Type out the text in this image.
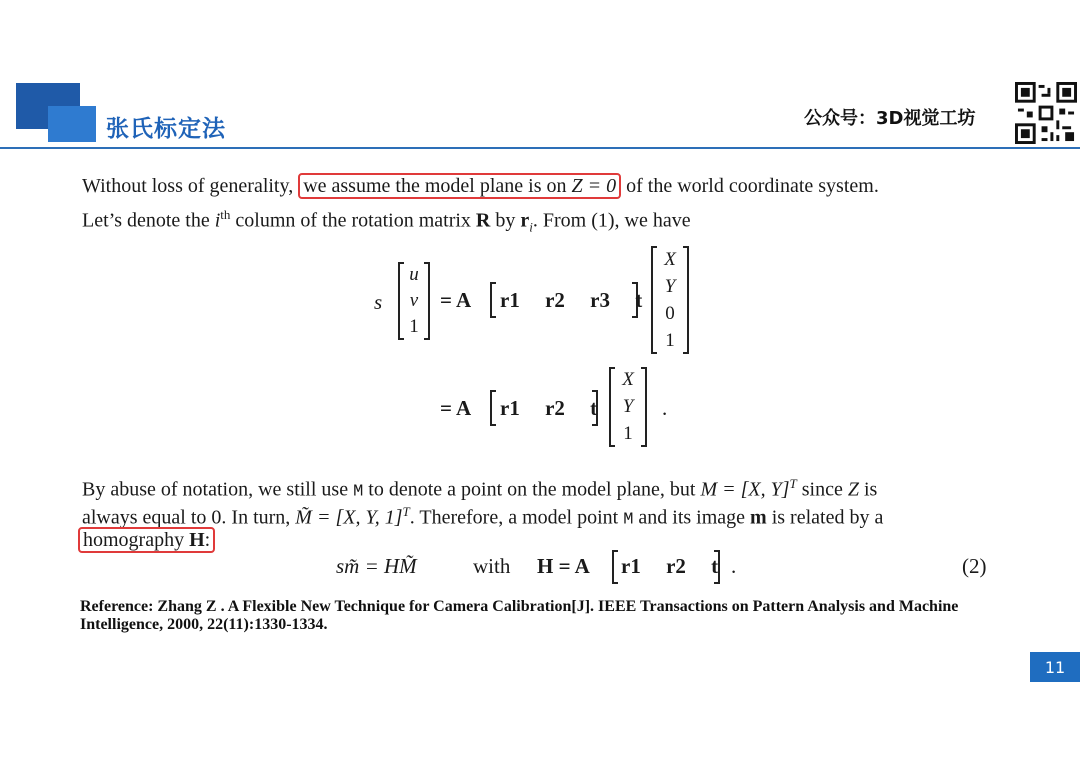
张氏标定法	公众号：3D视觉工坊
Without loss of generality, we assume the model plane is on Z = 0 of the world coordinate system.
Let’s denote the $i^{th}$ column of the rotation matrix R by $r_i$. From (1), we have
s
u
v
1
= A r1 r2 r3 t
X
Y
0
1
= A r1 r2 t
X
Y
1
.
By abuse of notation, we still use M to denote a point on the model plane, but M = [X, Y]$^T$ since Z is
always equal to 0. In turn, M̃ = [X, Y, 1]$^T$. Therefore, a model point M and its image m is related by a
homography H:
sm̃ = HM̃	with H = A r1 r2 t .	(2)
Reference: Zhang Z . A Flexible New Technique for Camera Calibration[J]. IEEE Transactions on Pattern Analysis and Machine Intelligence, 2000, 22(11):1330-1334.
11
